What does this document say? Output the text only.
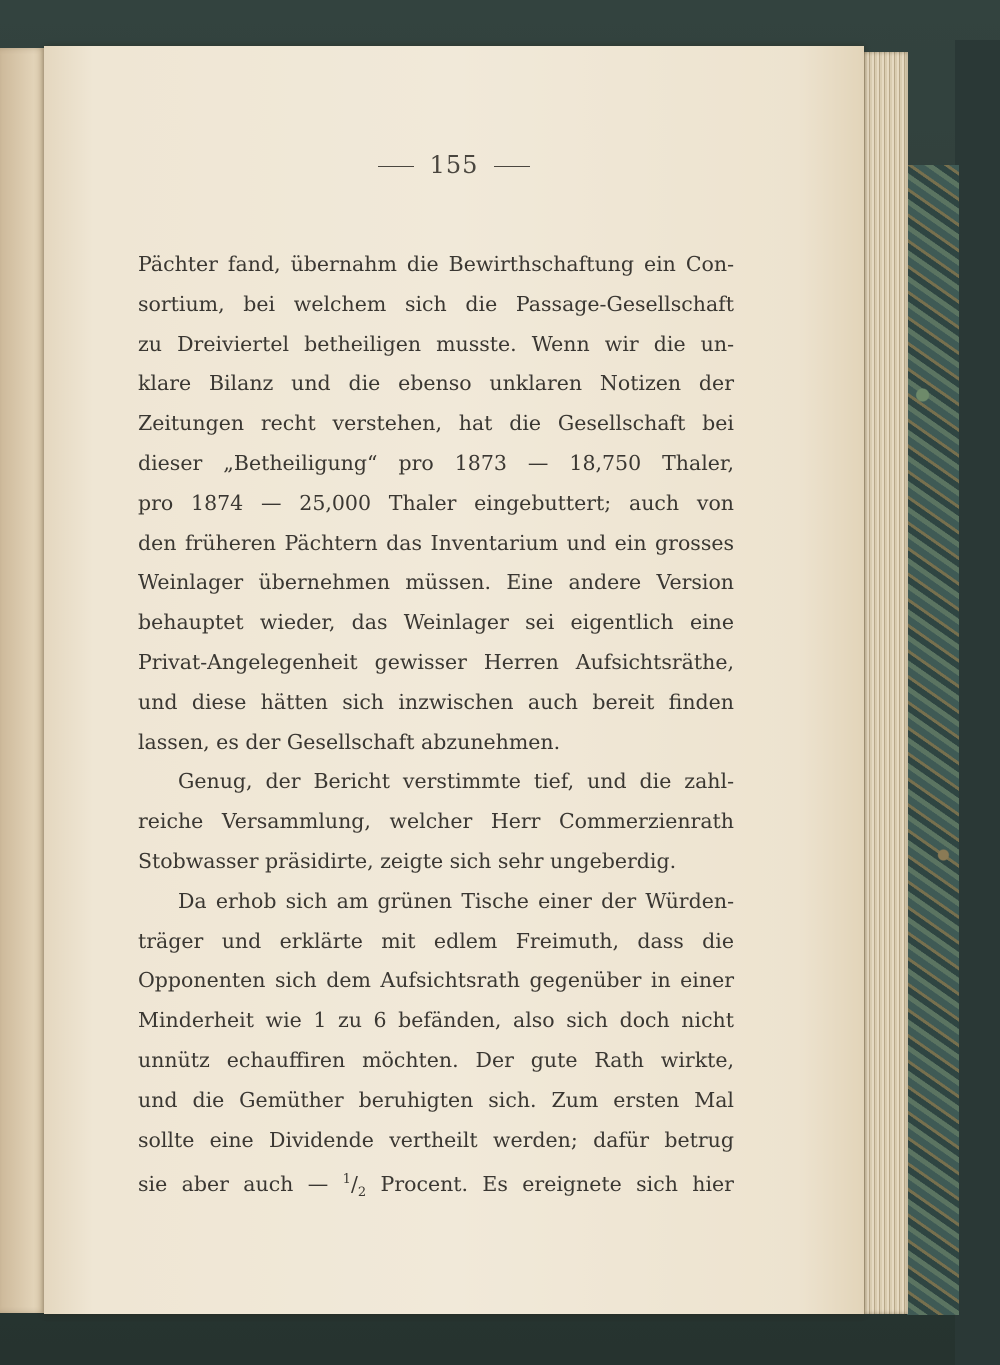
155
Pächter fand, übernahm die Bewirthschaftung ein Con-
sortium, bei welchem sich die Passage-Gesellschaft
zu Dreiviertel betheiligen musste. Wenn wir die un-
klare Bilanz und die ebenso unklaren Notizen der
Zeitungen recht verstehen, hat die Gesellschaft bei
dieser „Betheiligung“ pro 1873 — 18,750 Thaler,
pro 1874 — 25,000 Thaler eingebuttert; auch von
den früheren Pächtern das Inventarium und ein grosses
Weinlager übernehmen müssen. Eine andere Version
behauptet wieder, das Weinlager sei eigentlich eine
Privat-Angelegenheit gewisser Herren Aufsichtsräthe,
und diese hätten sich inzwischen auch bereit finden
lassen, es der Gesellschaft abzunehmen.
Genug, der Bericht verstimmte tief, und die zahl-
reiche Versammlung, welcher Herr Commerzienrath
Stobwasser präsidirte, zeigte sich sehr ungeberdig.
Da erhob sich am grünen Tische einer der Würden-
träger und erklärte mit edlem Freimuth, dass die
Opponenten sich dem Aufsichtsrath gegenüber in einer
Minderheit wie 1 zu 6 befänden, also sich doch nicht
unnütz echauffiren möchten. Der gute Rath wirkte,
und die Gemüther beruhigten sich. Zum ersten Mal
sollte eine Dividende vertheilt werden; dafür betrug
sie aber auch — $^1/_2$ Procent. Es ereignete sich hier
